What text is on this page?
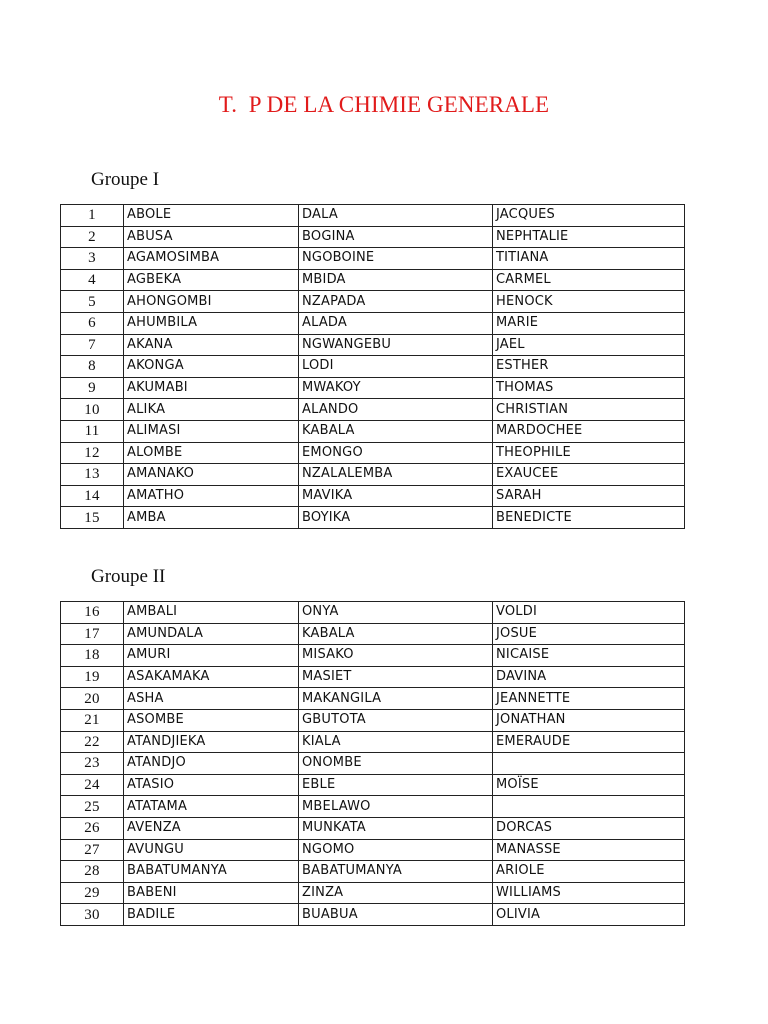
T.  P DE LA CHIMIE GENERALE
Groupe I
1	ABOLE	DALA	JACQUES
2	ABUSA	BOGINA	NEPHTALIE
3	AGAMOSIMBA	NGOBOINE	TITIANA
4	AGBEKA	MBIDA	CARMEL
5	AHONGOMBI	NZAPADA	HENOCK
6	AHUMBILA	ALADA	MARIE
7	AKANA	NGWANGEBU	JAEL
8	AKONGA	LODI	ESTHER
9	AKUMABI	MWAKOY	THOMAS
10	ALIKA	ALANDO	CHRISTIAN
11	ALIMASI	KABALA	MARDOCHEE
12	ALOMBE	EMONGO	THEOPHILE
13	AMANAKO	NZALALEMBA	EXAUCEE
14	AMATHO	MAVIKA	SARAH
15	AMBA	BOYIKA	BENEDICTE
Groupe II
16	AMBALI	ONYA	VOLDI
17	AMUNDALA	KABALA	JOSUE
18	AMURI	MISAKO	NICAISE
19	ASAKAMAKA	MASIET	DAVINA
20	ASHA	MAKANGILA	JEANNETTE
21	ASOMBE	GBUTOTA	JONATHAN
22	ATANDJIEKA	KIALA	EMERAUDE
23	ATANDJO	ONOMBE	
24	ATASIO	EBLE	MOÏSE
25	ATATAMA	MBELAWO	
26	AVENZA	MUNKATA	DORCAS
27	AVUNGU	NGOMO	MANASSE
28	BABATUMANYA	BABATUMANYA	ARIOLE
29	BABENI	ZINZA	WILLIAMS
30	BADILE	BUABUA	OLIVIA
